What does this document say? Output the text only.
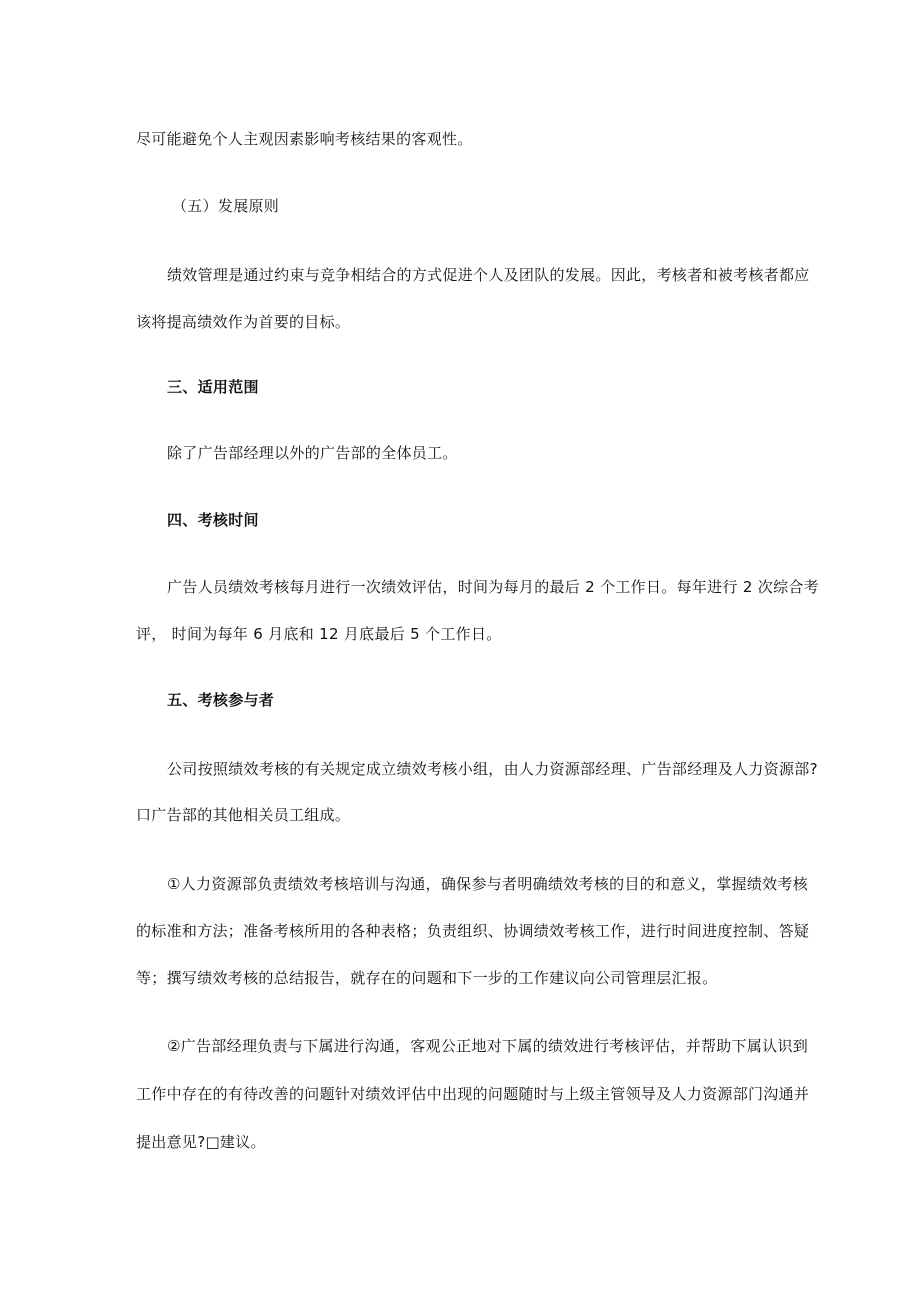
尽可能避免个人主观因素影响考核结果的客观性。
（五）发展原则
绩效管理是通过约束与竞争相结合的方式促进个人及团队的发展。因此，考核者和被考核者都应
该将提高绩效作为首要的目标。
三、适用范围
除了广告部经理以外的广告部的全体员工。
四、考核时间
广告人员绩效考核每月进行一次绩效评估，时间为每月的最后 2 个工作日。每年进行 2 次综合考
评， 时间为每年 6 月底和 12 月底最后 5 个工作日。
五、考核参与者
公司按照绩效考核的有关规定成立绩效考核小组，由人力资源部经理、广告部经理及人力资源部?
口广告部的其他相关员工组成。
①人力资源部负责绩效考核培训与沟通，确保参与者明确绩效考核的目的和意义，掌握绩效考核
的标准和方法；准备考核所用的各种表格；负责组织、协调绩效考核工作，进行时间进度控制、答疑
等；撰写绩效考核的总结报告，就存在的问题和下一步的工作建议向公司管理层汇报。
②广告部经理负责与下属进行沟通，客观公正地对下属的绩效进行考核评估，并帮助下属认识到
工作中存在的有待改善的问题针对绩效评估中出现的问题随时与上级主管领导及人力资源部门沟通并
提出意见?□建议。
